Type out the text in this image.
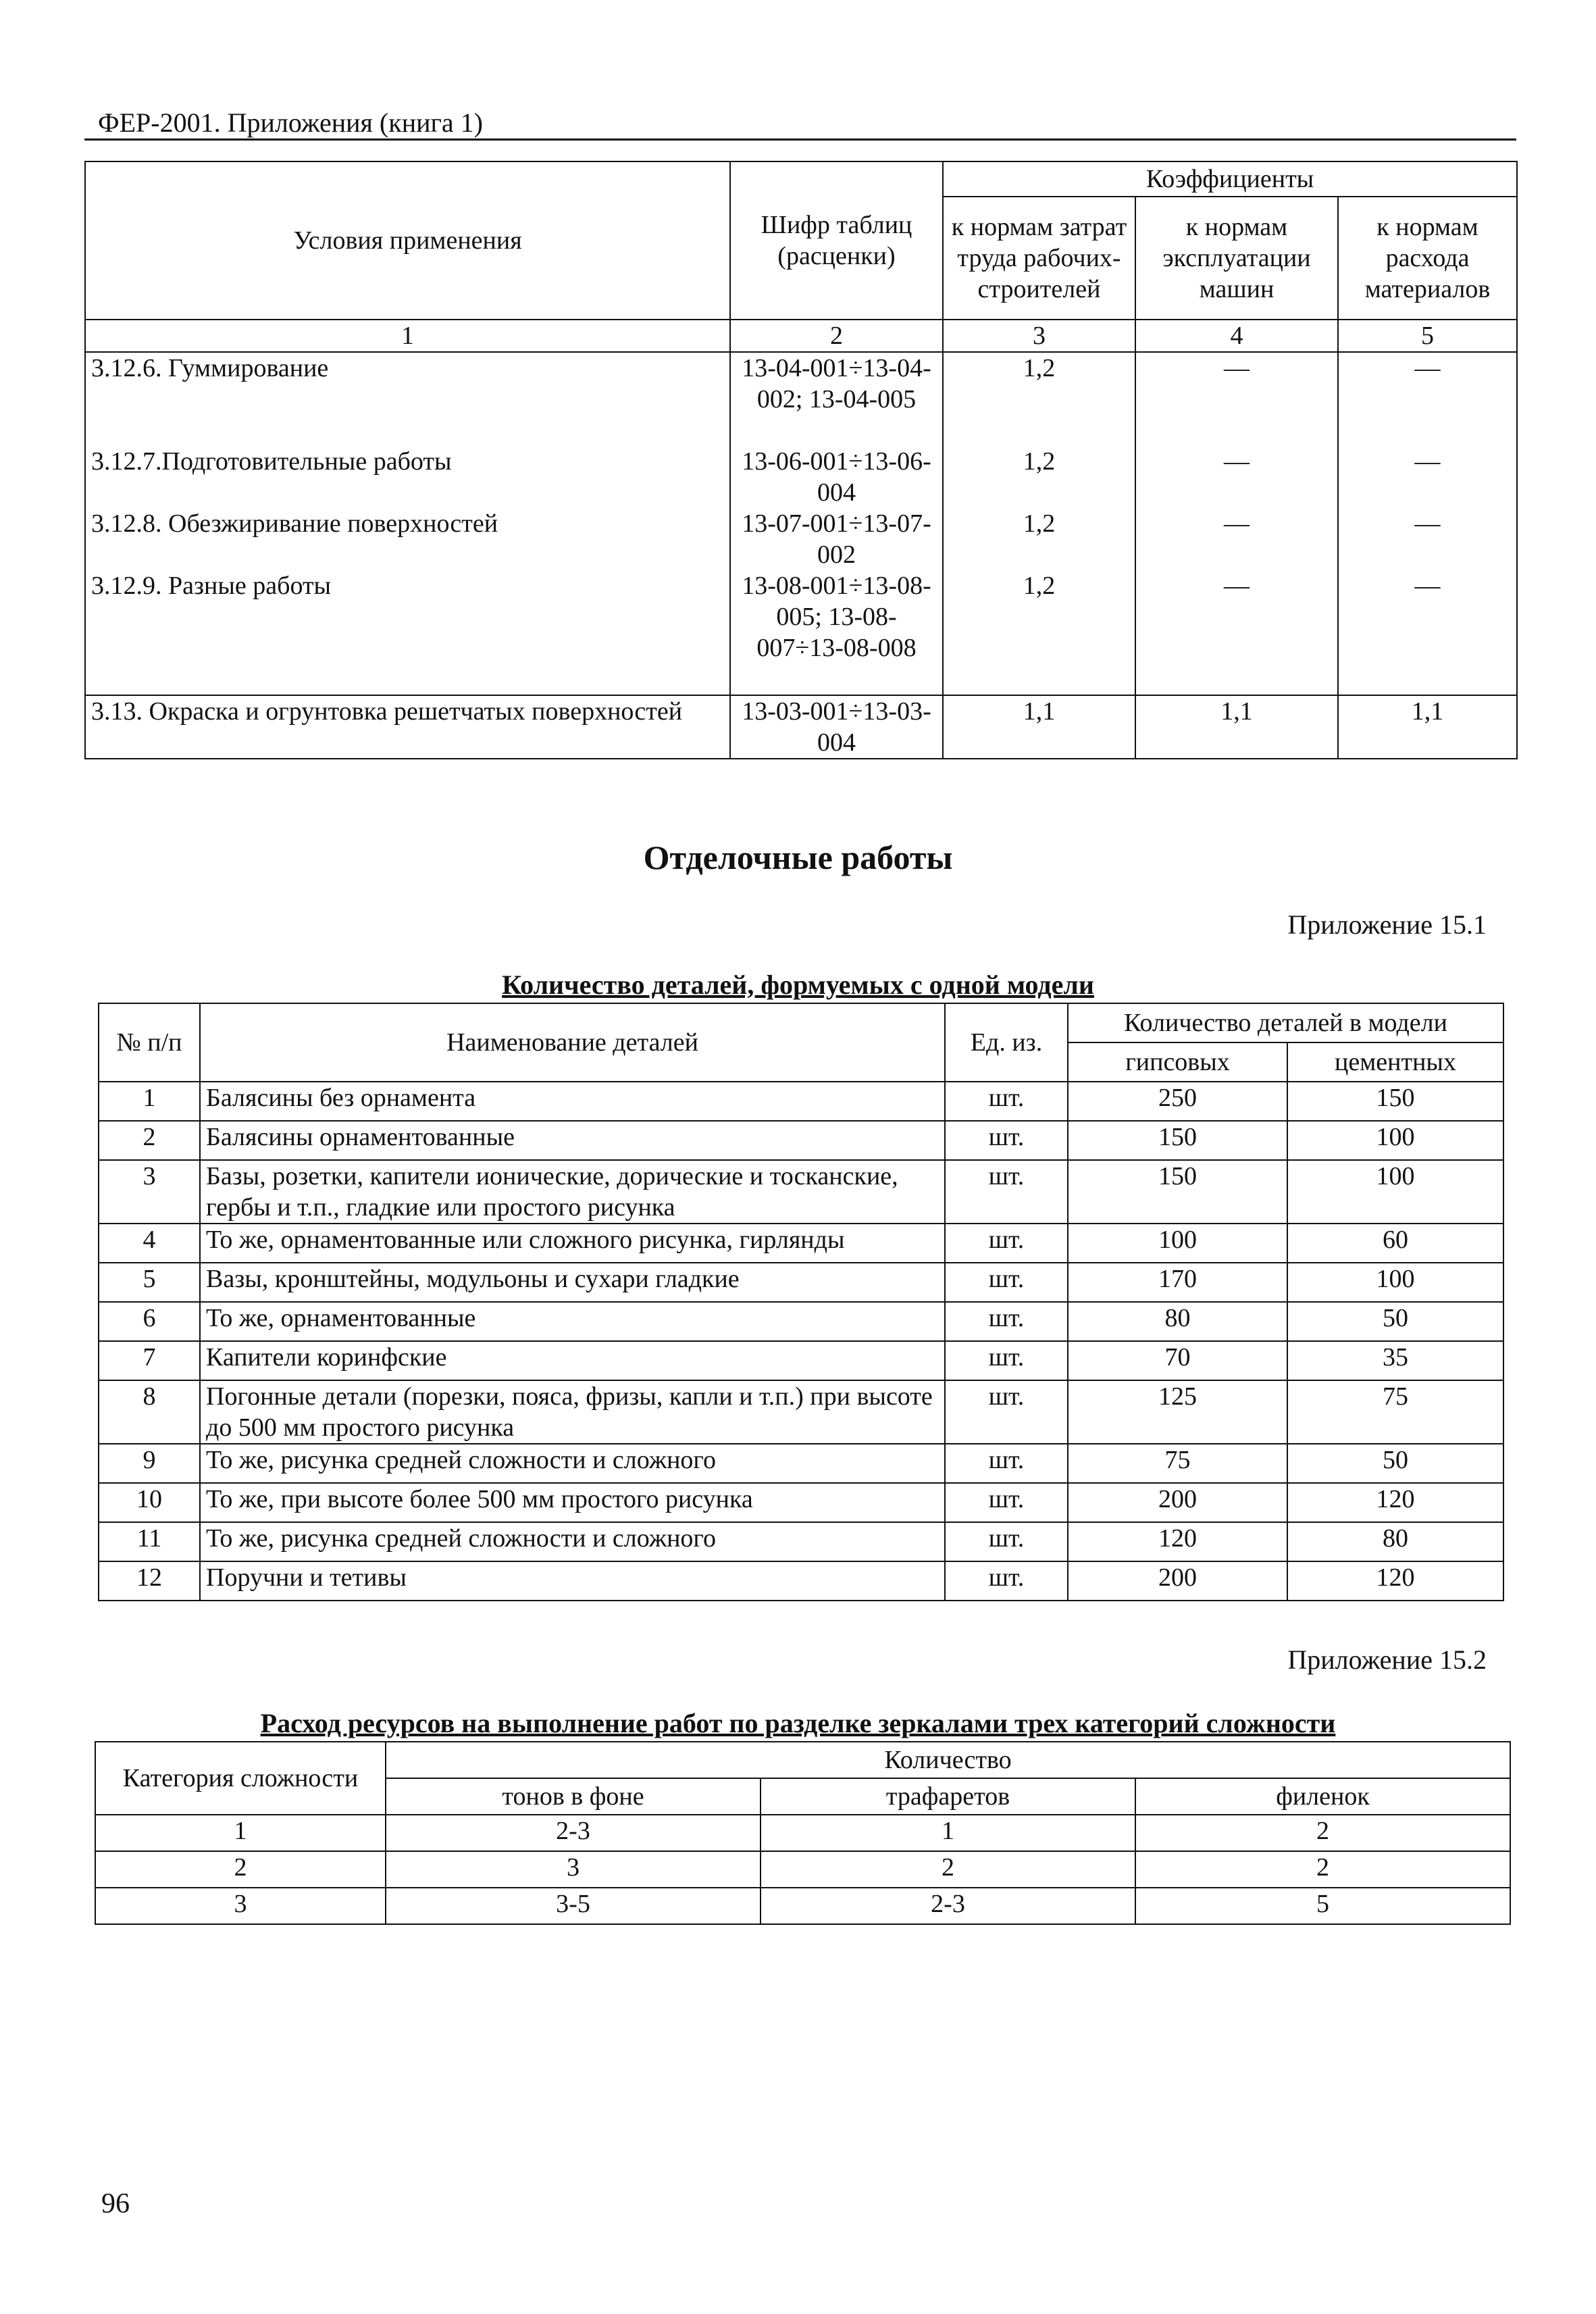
ФЕР-2001. Приложения (книга 1)
Условия применения	Шифр таблиц (расценки)	Коэффициенты		
		к нормам затрат труда рабочих-строителей	к нормам эксплуатации машин	к нормам расхода материалов
1	2	3	4	5
3.12.6. Гуммирование	13-04-001÷13-04-002; 13-04-005	1,2	—	—
3.12.7.Подготовительные работы	13-06-001÷13-06-004	1,2	—	—
3.12.8. Обезжиривание поверхностей	13-07-001÷13-07-002	1,2	—	—
3.12.9. Разные работы	13-08-001÷13-08-005; 13-08-007÷13-08-008	1,2	—	—
3.13. Окраска и огрунтовка решетчатых поверхностей	13-03-001÷13-03-004	1,1	1,1	1,1
Отделочные работы
Приложение 15.1
Количество деталей, формуемых с одной модели
№ п/п	Наименование деталей	Ед. из.	Количество деталей в модели	
			гипсовых	цементных
1	Балясины без орнамента	шт.	250	150
2	Балясины орнаментованные	шт.	150	100
3	Базы, розетки, капители ионические, дорические и тосканские, гербы и т.п., гладкие или простого рисунка	шт.	150	100
4	То же, орнаментованные или сложного рисунка, гирлянды	шт.	100	60
5	Вазы, кронштейны, модульоны и сухари гладкие	шт.	170	100
6	То же, орнаментованные	шт.	80	50
7	Капители коринфские	шт.	70	35
8	Погонные детали (порезки, пояса, фризы, капли и т.п.) при высоте до 500 мм простого рисунка	шт.	125	75
9	То же, рисунка средней сложности и сложного	шт.	75	50
10	То же, при высоте более 500 мм простого рисунка	шт.	200	120
11	То же, рисунка средней сложности и сложного	шт.	120	80
12	Поручни и тетивы	шт.	200	120
Приложение 15.2
Расход ресурсов на выполнение работ по разделке зеркалами трех категорий сложности
Категория сложности	Количество		
	тонов в фоне	трафаретов	филенок
1	2-3	1	2
2	3	2	2
3	3-5	2-3	5
96
